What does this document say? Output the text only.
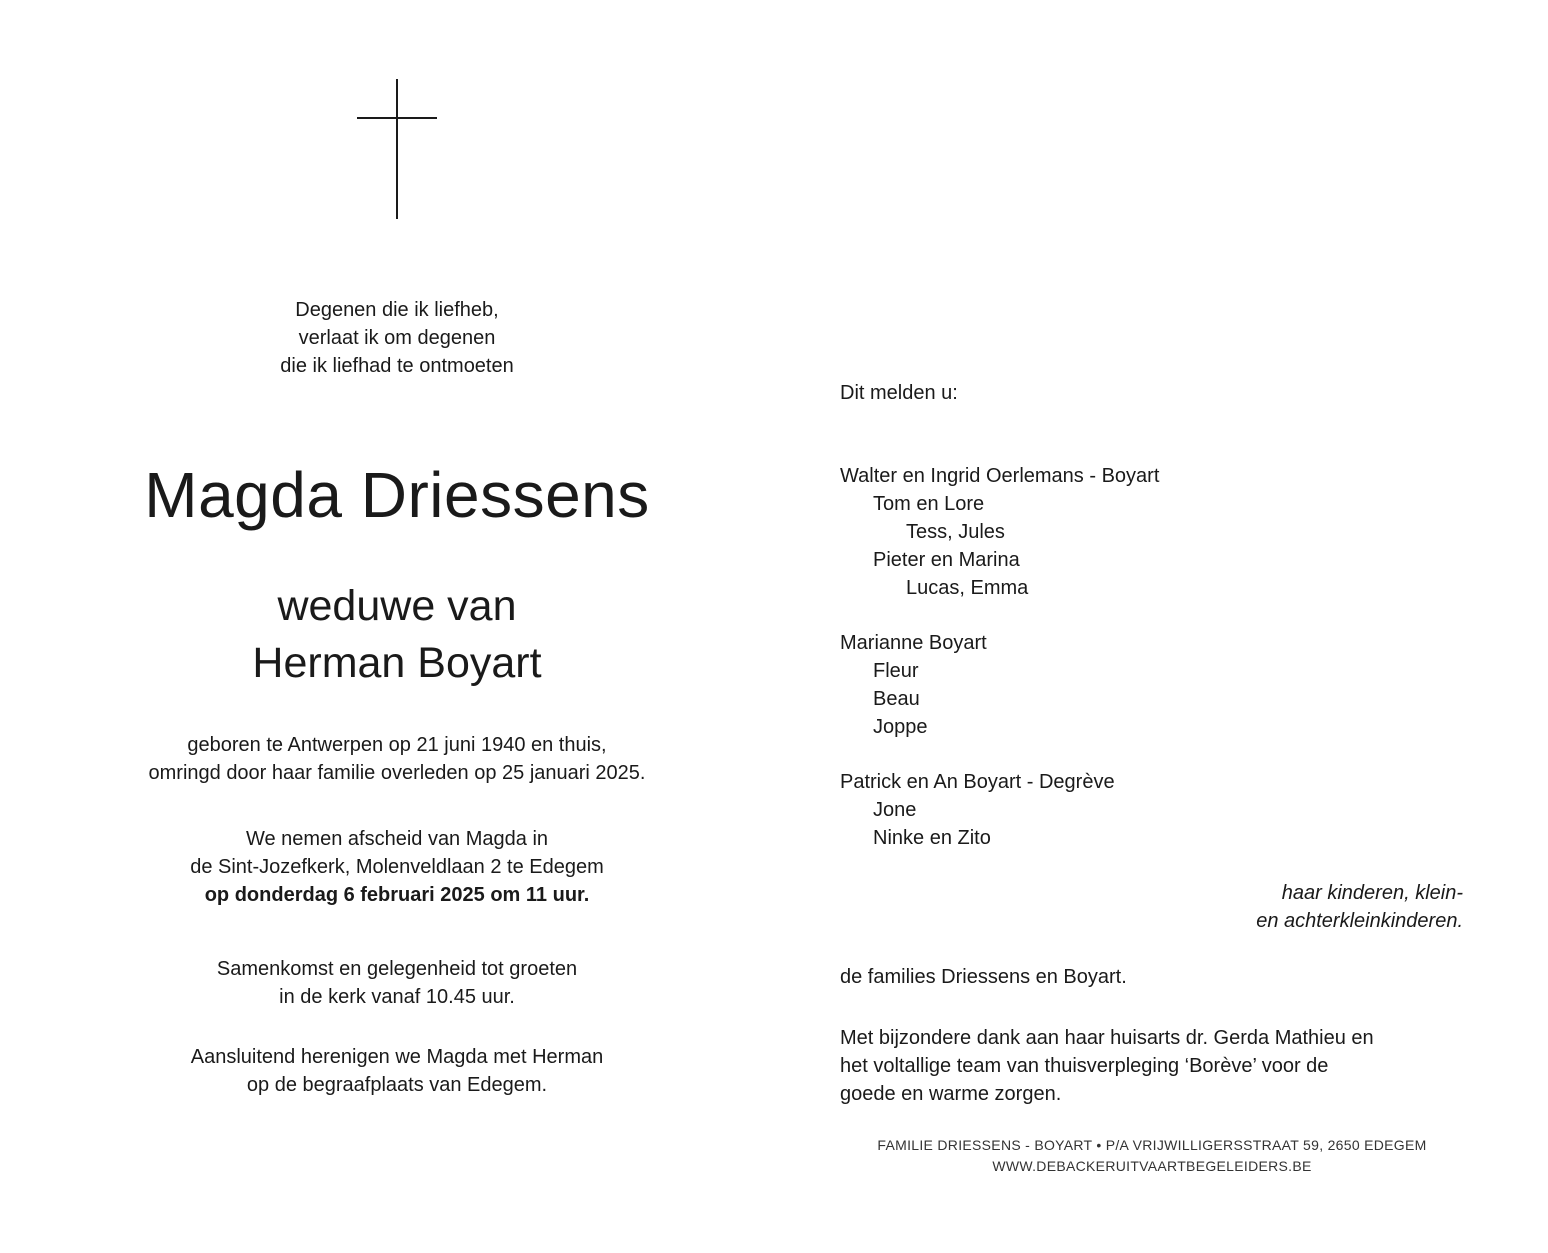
Degenen die ik liefheb,
verlaat ik om degenen
die ik liefhad te ontmoeten
Magda Driessens
weduwe van
Herman Boyart
geboren te Antwerpen op 21 juni 1940 en thuis,
omringd door haar familie overleden op 25 januari 2025.
We nemen afscheid van Magda in
de Sint-Jozefkerk, Molenveldlaan 2 te Edegem
op donderdag 6 februari 2025 om 11 uur.
Samenkomst en gelegenheid tot groeten
in de kerk vanaf 10.45 uur.
Aansluitend herenigen we Magda met Herman
op de begraafplaats van Edegem.
Dit melden u:
Walter en Ingrid Oerlemans - Boyart
Tom en Lore
Tess, Jules
Pieter en Marina
Lucas, Emma
Marianne Boyart
Fleur
Beau
Joppe
Patrick en An Boyart - Degrève
Jone
Ninke en Zito
haar kinderen, klein-
en achterkleinkinderen.
de families Driessens en Boyart.
Met bijzondere dank aan haar huisarts dr. Gerda Mathieu en
het voltallige team van thuisverpleging ‘Borève’ voor de
goede en warme zorgen.
FAMILIE DRIESSENS - BOYART • P/A VRIJWILLIGERSSTRAAT 59, 2650 EDEGEM
WWW.DEBACKERUITVAARTBEGELEIDERS.BE
